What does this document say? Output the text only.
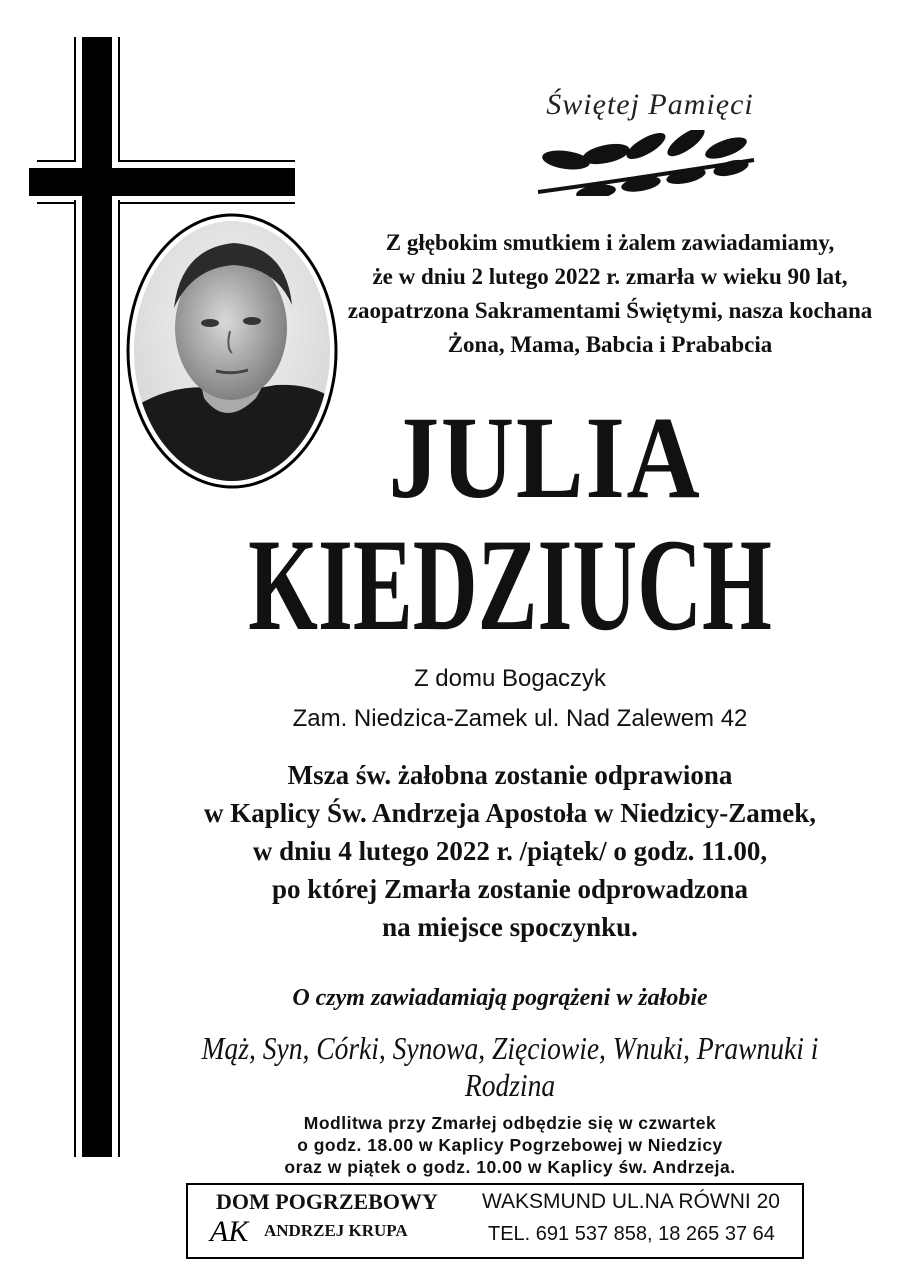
Świętej Pamięci
Z głębokim smutkiem i żalem zawiadamiamy,
że w dniu 2 lutego 2022 r. zmarła w wieku 90 lat,
zaopatrzona Sakramentami Świętymi, nasza kochana
Żona, Mama, Babcia i Prababcia
JULIA
KIEDZIUCH
Z domu Bogaczyk
Zam. Niedzica-Zamek ul. Nad Zalewem 42
Msza św. żałobna zostanie odprawiona
w Kaplicy Św. Andrzeja Apostoła w Niedzicy-Zamek,
w dniu 4 lutego 2022 r. /piątek/ o godz. 11.00,
po której Zmarła zostanie odprowadzona
na miejsce spoczynku.
O czym zawiadamiają pogrążeni w żałobie
Mąż, Syn, Córki, Synowa, Zięciowie, Wnuki, Prawnuki i Rodzina
Modlitwa przy Zmarłej odbędzie się w czwartek
o godz. 18.00 w Kaplicy Pogrzebowej w Niedzicy
oraz w piątek o godz. 10.00 w Kaplicy św. Andrzeja.
DOM POGRZEBOWY
AK ANDRZEJ KRUPA
WAKSMUND UL.NA RÓWNI 20
TEL. 691 537 858, 18 265 37 64
